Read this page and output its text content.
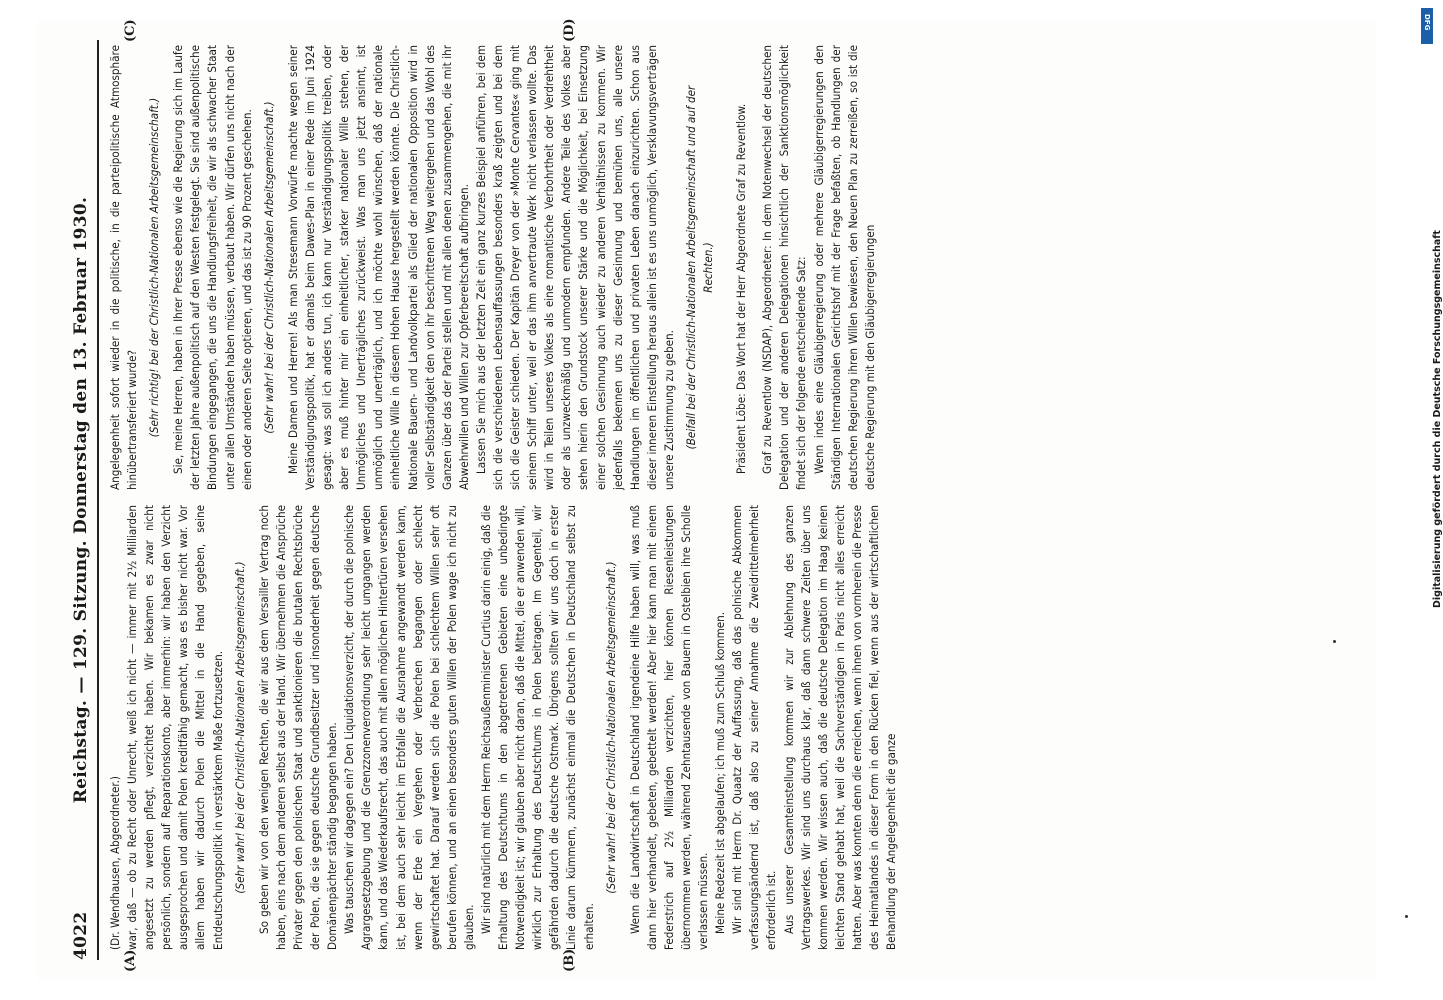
4022
Reichstag. — 129. Sitzung. Donnerstag den 13. Februar 1930.
(A)	(B)
(C)	(D)

(Dr. Wendhausen, Abgeordneter.) war, daß — ob zu Recht oder Unrecht, weiß ich nicht — immer mit 2½ Milliarden angesetzt zu werden pflegt, verzichtet haben. Wir bekamen es zwar nicht persönlich, sondern auf Reparationskonto, aber immerhin: wir haben den Verzicht ausgesprochen und damit Polen kreditfähig gemacht, was es bisher nicht war. Vor allem haben wir dadurch Polen die Mittel in die Hand gegeben, seine Entdeutschungspolitik in verstärktem Maße fortzusetzen. (Sehr wahr! bei der Christlich-Nationalen Arbeitsgemeinschaft.) So geben wir von den wenigen Rechten, die wir aus dem Versailler Vertrag noch haben, eins nach dem anderen selbst aus der Hand. Wir übernehmen die Ansprüche Privater gegen den polnischen Staat und sanktionieren die brutalen Rechtsbrüche der Polen, die sie gegen deutsche Grundbesitzer und insonderheit gegen deutsche Domänenpächter ständig begangen haben. Was tauschen wir dagegen ein? Den Liquidationsverzicht, der durch die polnische Agrargesetzgebung und die Grenzzonenverordnung sehr leicht umgangen werden kann, und das Wiederkaufsrecht, das auch mit allen möglichen Hintertüren versehen ist, bei dem auch sehr leicht im Erbfalle die Ausnahme angewandt werden kann, wenn der Erbe ein Vergehen oder Verbrechen begangen oder schlecht gewirtschaftet hat. Darauf werden sich die Polen bei schlechtem Willen sehr oft berufen können, und an einen besonders guten Willen der Polen wage ich nicht zu glauben. Wir sind natürlich mit dem Herrn Reichsaußenminister Curtius darin einig, daß die Erhaltung des Deutschtums in den abgetretenen Gebieten eine unbedingte Notwendigkeit ist; wir glauben aber nicht daran, daß die Mittel, die er anwenden will, wirklich zur Erhaltung des Deutschtums in Polen beitragen. Im Gegenteil, wir gefährden dadurch die deutsche Ostmark. Übrigens sollten wir uns doch in erster Linie darum kümmern, zunächst einmal die Deutschen in Deutschland selbst zu erhalten.

(Sehr wahr! bei der Christlich-Nationalen Arbeitsgemeinschaft.) Wenn die Landwirtschaft in Deutschland irgendeine Hilfe haben will, was muß dann hier verhandelt, gebeten, gebettelt werden! Aber hier kann man mit einem Federstrich auf 2½ Milliarden verzichten, hier können Riesenleistungen übernommen werden, während Zehntausende von Bauern in Ostelbien ihre Scholle verlassen müssen. Meine Redezeit ist abgelaufen; ich muß zum Schluß kommen. Wir sind mit Herrn Dr. Quaatz der Auffassung, daß das polnische Abkommen verfassungsändernd ist, daß also zu seiner Annahme die Zweidrittelmehrheit erforderlich ist. Aus unserer Gesamteinstellung kommen wir zur Ablehnung des ganzen Vertragswerkes. Wir sind uns durchaus klar, daß dann schwere Zeiten über uns kommen werden. Wir wissen auch, daß die deutsche Delegation im Haag keinen leichten Stand gehabt hat, weil die Sachverständigen in Paris nicht alles erreicht hatten. Aber was konnten denn die erreichen, wenn ihnen von vornherein die Presse des Heimatlandes in dieser Form in den Rücken fiel, wenn aus der wirtschaftlichen Behandlung der Angelegenheit die ganze

Angelegenheit sofort wieder in die politische, in die parteipolitische Atmosphäre hinübertransferiert wurde? (Sehr richtig! bei der Christlich-Nationalen Arbeitsgemeinschaft.) Sie, meine Herren, haben in Ihrer Presse ebenso wie die Regierung sich im Laufe der letzten Jahre außenpolitisch auf den Westen festgelegt. Sie sind außenpolitische Bindungen eingegangen, die uns die Handlungsfreiheit, die wir als schwacher Staat unter allen Umständen haben müssen, verbaut haben. Wir dürfen uns nicht nach der einen oder anderen Seite optieren, und das ist zu 90 Prozent geschehen. (Sehr wahr! bei der Christlich-Nationalen Arbeitsgemeinschaft.) Meine Damen und Herren! Als man Stresemann Vorwürfe machte wegen seiner Verständigungspolitik, hat er damals beim Dawes-Plan in einer Rede im Juni 1924 gesagt: was soll ich anders tun, ich kann nur Verständigungspolitik treiben, oder aber es muß hinter mir ein einheitlicher, starker nationaler Wille stehen, der Unmögliches und Unerträgliches zurückweist. Was man uns jetzt ansinnt, ist unmöglich und unerträglich, und ich möchte wohl wünschen, daß der nationale einheitliche Wille in diesem Hohen Hause hergestellt werden könnte. Die Christlich-Nationale Bauern- und Landvolkpartei als Glied der nationalen Opposition wird in voller Selbständigkeit den von ihr beschrittenen Weg weitergehen und das Wohl des Ganzen über das der Partei stellen und mit allen denen zusammengehen, die mit ihr Abwehrwillen und Willen zur Opferbereitschaft aufbringen. Lassen Sie mich aus der letzten Zeit ein ganz kurzes Beispiel anführen, bei dem sich die verschiedenen Lebensauffassungen besonders kraß zeigten und bei dem sich die Geister schieden. Der Kapitän Dreyer von der »Monte Cervantes« ging mit seinem Schiff unter, weil er das ihm anvertraute Werk nicht verlassen wollte. Das wird in Teilen unseres Volkes als eine romantische Verbohrtheit oder Verdrehtheit oder als unzweckmäßig und unmodern empfunden. Andere Teile des Volkes aber sehen hierin den Grundstock unserer Stärke und die Möglichkeit, bei Einsetzung einer solchen Gesinnung auch wieder zu anderen Verhältnissen zu kommen. Wir jedenfalls bekennen uns zu dieser Gesinnung und bemühen uns, alle unsere Handlungen im öffentlichen und privaten Leben danach einzurichten. Schon aus dieser inneren Einstellung heraus allein ist es uns unmöglich, Versklavungsverträgen unsere Zustimmung zu geben. (Beifall bei der Christlich-Nationalen Arbeitsgemeinschaft und auf der Rechten.) Präsident Löbe: Das Wort hat der Herr Abgeordnete Graf zu Reventlow. Graf zu Reventlow (NSDAP), Abgeordneter: In dem Notenwechsel der deutschen Delegation und der anderen Delegationen hinsichtlich der Sanktionsmöglichkeit findet sich der folgende entscheidende Satz: Wenn indes eine Gläubigerregierung oder mehrere Gläubigerregierungen den Ständigen Internationalen Gerichtshof mit der Frage befaßten, ob Handlungen der deutschen Regierung ihren Willen bewiesen, den Neuen Plan zu zerreißen, so ist die deutsche Regierung mit den Gläubigerregierungen

DFG
Digitalisierung gefördert durch die Deutsche Forschungsgemeinschaft
